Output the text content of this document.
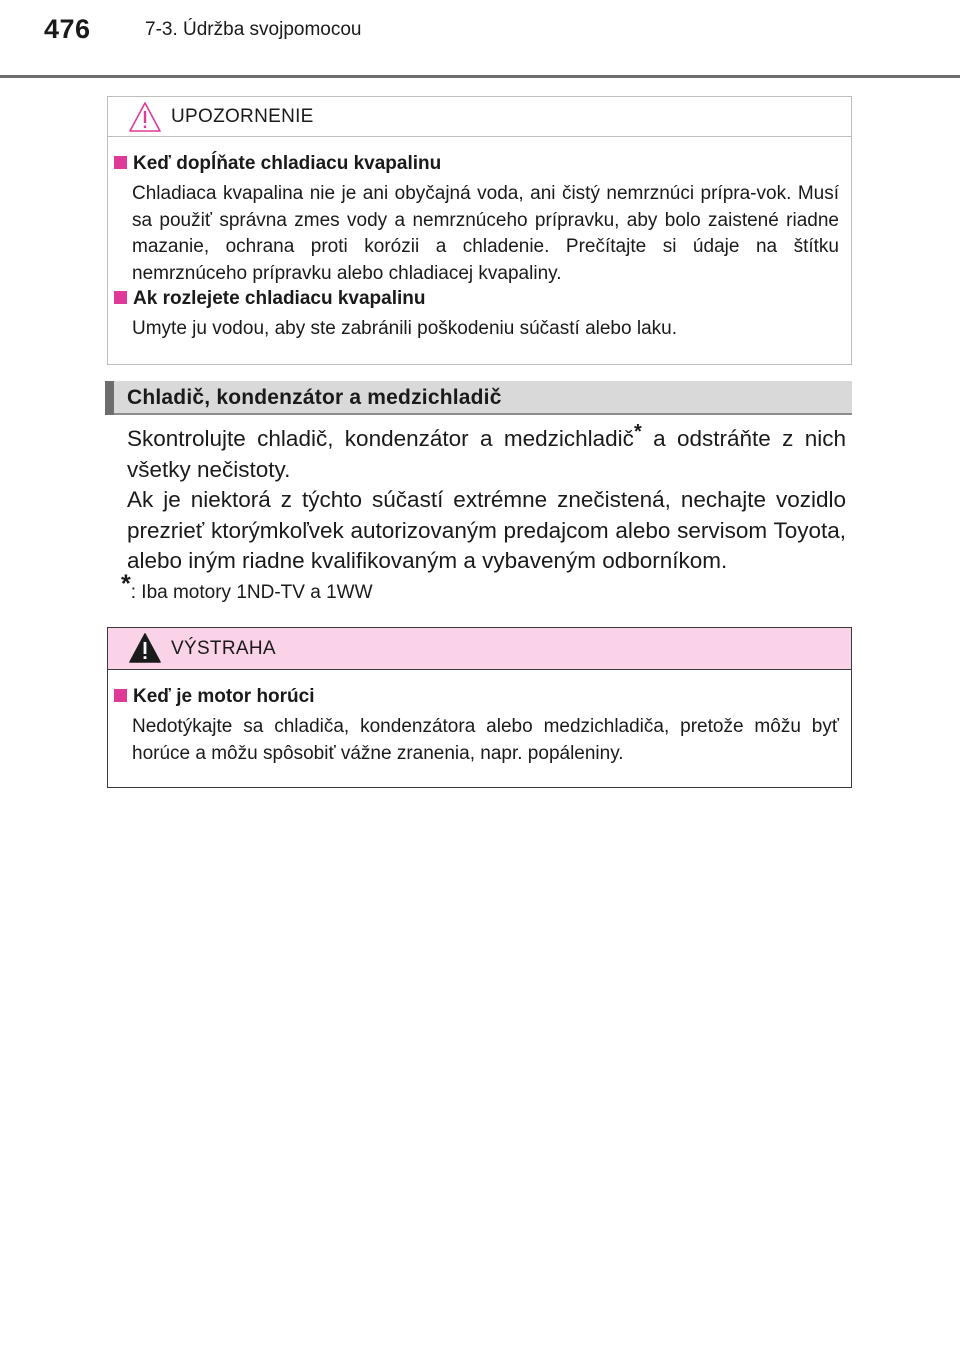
476	7-3. Údržba svojpomocou
UPOZORNENIE
Keď dopĺňate chladiacu kvapalinu
Chladiaca kvapalina nie je ani obyčajná voda, ani čistý nemrznúci prípra-vok. Musí sa použiť správna zmes vody a nemrznúceho prípravku, aby bolo zaistené riadne mazanie, ochrana proti korózii a chladenie. Prečítajte si údaje na štítku nemrznúceho prípravku alebo chladiacej kvapaliny.
Ak rozlejete chladiacu kvapalinu
Umyte ju vodou, aby ste zabránili poškodeniu súčastí alebo laku.
Chladič, kondenzátor a medzichladič
Skontrolujte chladič, kondenzátor a medzichladič* a odstráňte z nich všetky nečistoty.
Ak je niektorá z týchto súčastí extrémne znečistená, nechajte vozidlo prezrieť ktorýmkoľvek autorizovaným predajcom alebo servisom Toyota, alebo iným riadne kvalifikovaným a vybaveným odborníkom.
*: Iba motory 1ND-TV a 1WW
VÝSTRAHA
Keď je motor horúci
Nedotýkajte sa chladiča, kondenzátora alebo medzichladiča, pretože môžu byť horúce a môžu spôsobiť vážne zranenia, napr. popáleniny.
